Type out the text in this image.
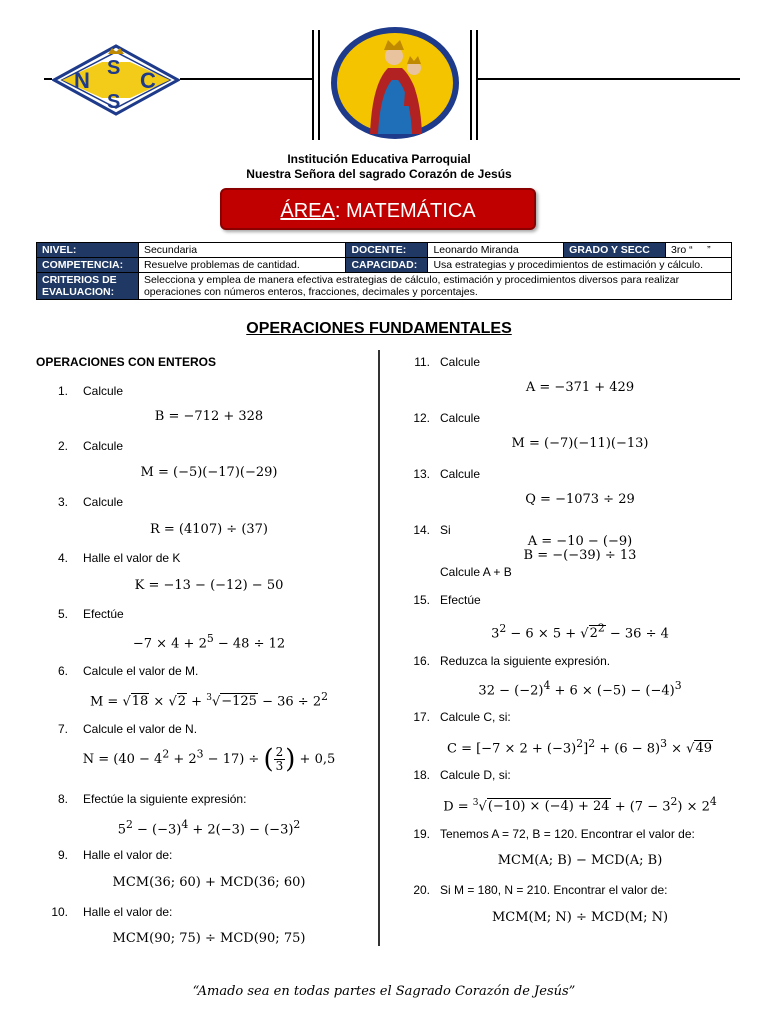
N S C
S
Institución Educativa Parroquial
Nuestra Señora del sagrado Corazón de Jesús
ÁREA: MATEMÁTICA
NIVEL:	Secundaria	DOCENTE:	Leonardo Miranda	GRADO Y SECC	3ro “     ”
COMPETENCIA:	Resuelve problemas de cantidad.	CAPACIDAD:	Usa estrategias y procedimientos de estimación y cálculo.		
CRITERIOS DE EVALUACION:	Selecciona y emplea de manera efectiva estrategias de cálculo, estimación y procedimientos diversos para realizar operaciones con números enteros, fracciones, decimales y porcentajes.				
OPERACIONES FUNDAMENTALES
OPERACIONES CON ENTEROS
1. Calcule
B = −712 + 328
2. Calcule
M = (−5)(−17)(−29)
3. Calcule
R = (4107) ÷ (37)
4. Halle el valor de K
K = −13 − (−12) − 50
5. Efectúe
$-7 \times 4 + 2^5 - 48 \div 12$
6. Calcule el valor de M.
$M = √18 \times √2 + ^3√-125 - 36 \div 2^2$
7. Calcule el valor de N.
$N = (40 - 4^2 + 2^3 - 17)$ ÷ ( $\frac{2}{3}$ ) + 0,5
8. Efectúe la siguiente expresión:
$5^2 - (-3)^4 + 2(-3) - (-3)^2$
9. Halle el valor de:
MCM(36; 60) + MCD(36; 60)
10. Halle el valor de:
MCM(90; 75) ÷ MCD(90; 75)
11. Calcule
A = −371 + 429
12. Calcule
M = (−7)(−11)(−13)
13. Calcule
Q = −1073 ÷ 29
14. Si
A = −10 − (−9)
B = −(−39) ÷ 13
Calcule A + B
15. Efectúe
$3^2 - 6 \times 5 + √2^2 - 36 \div 4$
16. Reduzca la siguiente expresión.
$32 - (-2)^4 + 6 \times (-5) - (-4)^3$
17. Calcule C, si:
$C = [-7 \times 2 + (-3)^2]^2 + (6 - 8)^3 \times √49$
18. Calcule D, si:
$D = ^3√(-10) \times (-4) + 24 + (7 - 3^2) \times 2^4$
19. Tenemos A = 72, B = 120. Encontrar el valor de:
MCM(A; B) − MCD(A; B)
20. Si M = 180, N = 210. Encontrar el valor de:
MCM(M; N) ÷ MCD(M; N)
“Amado sea en todas partes el Sagrado Corazón de Jesús”
